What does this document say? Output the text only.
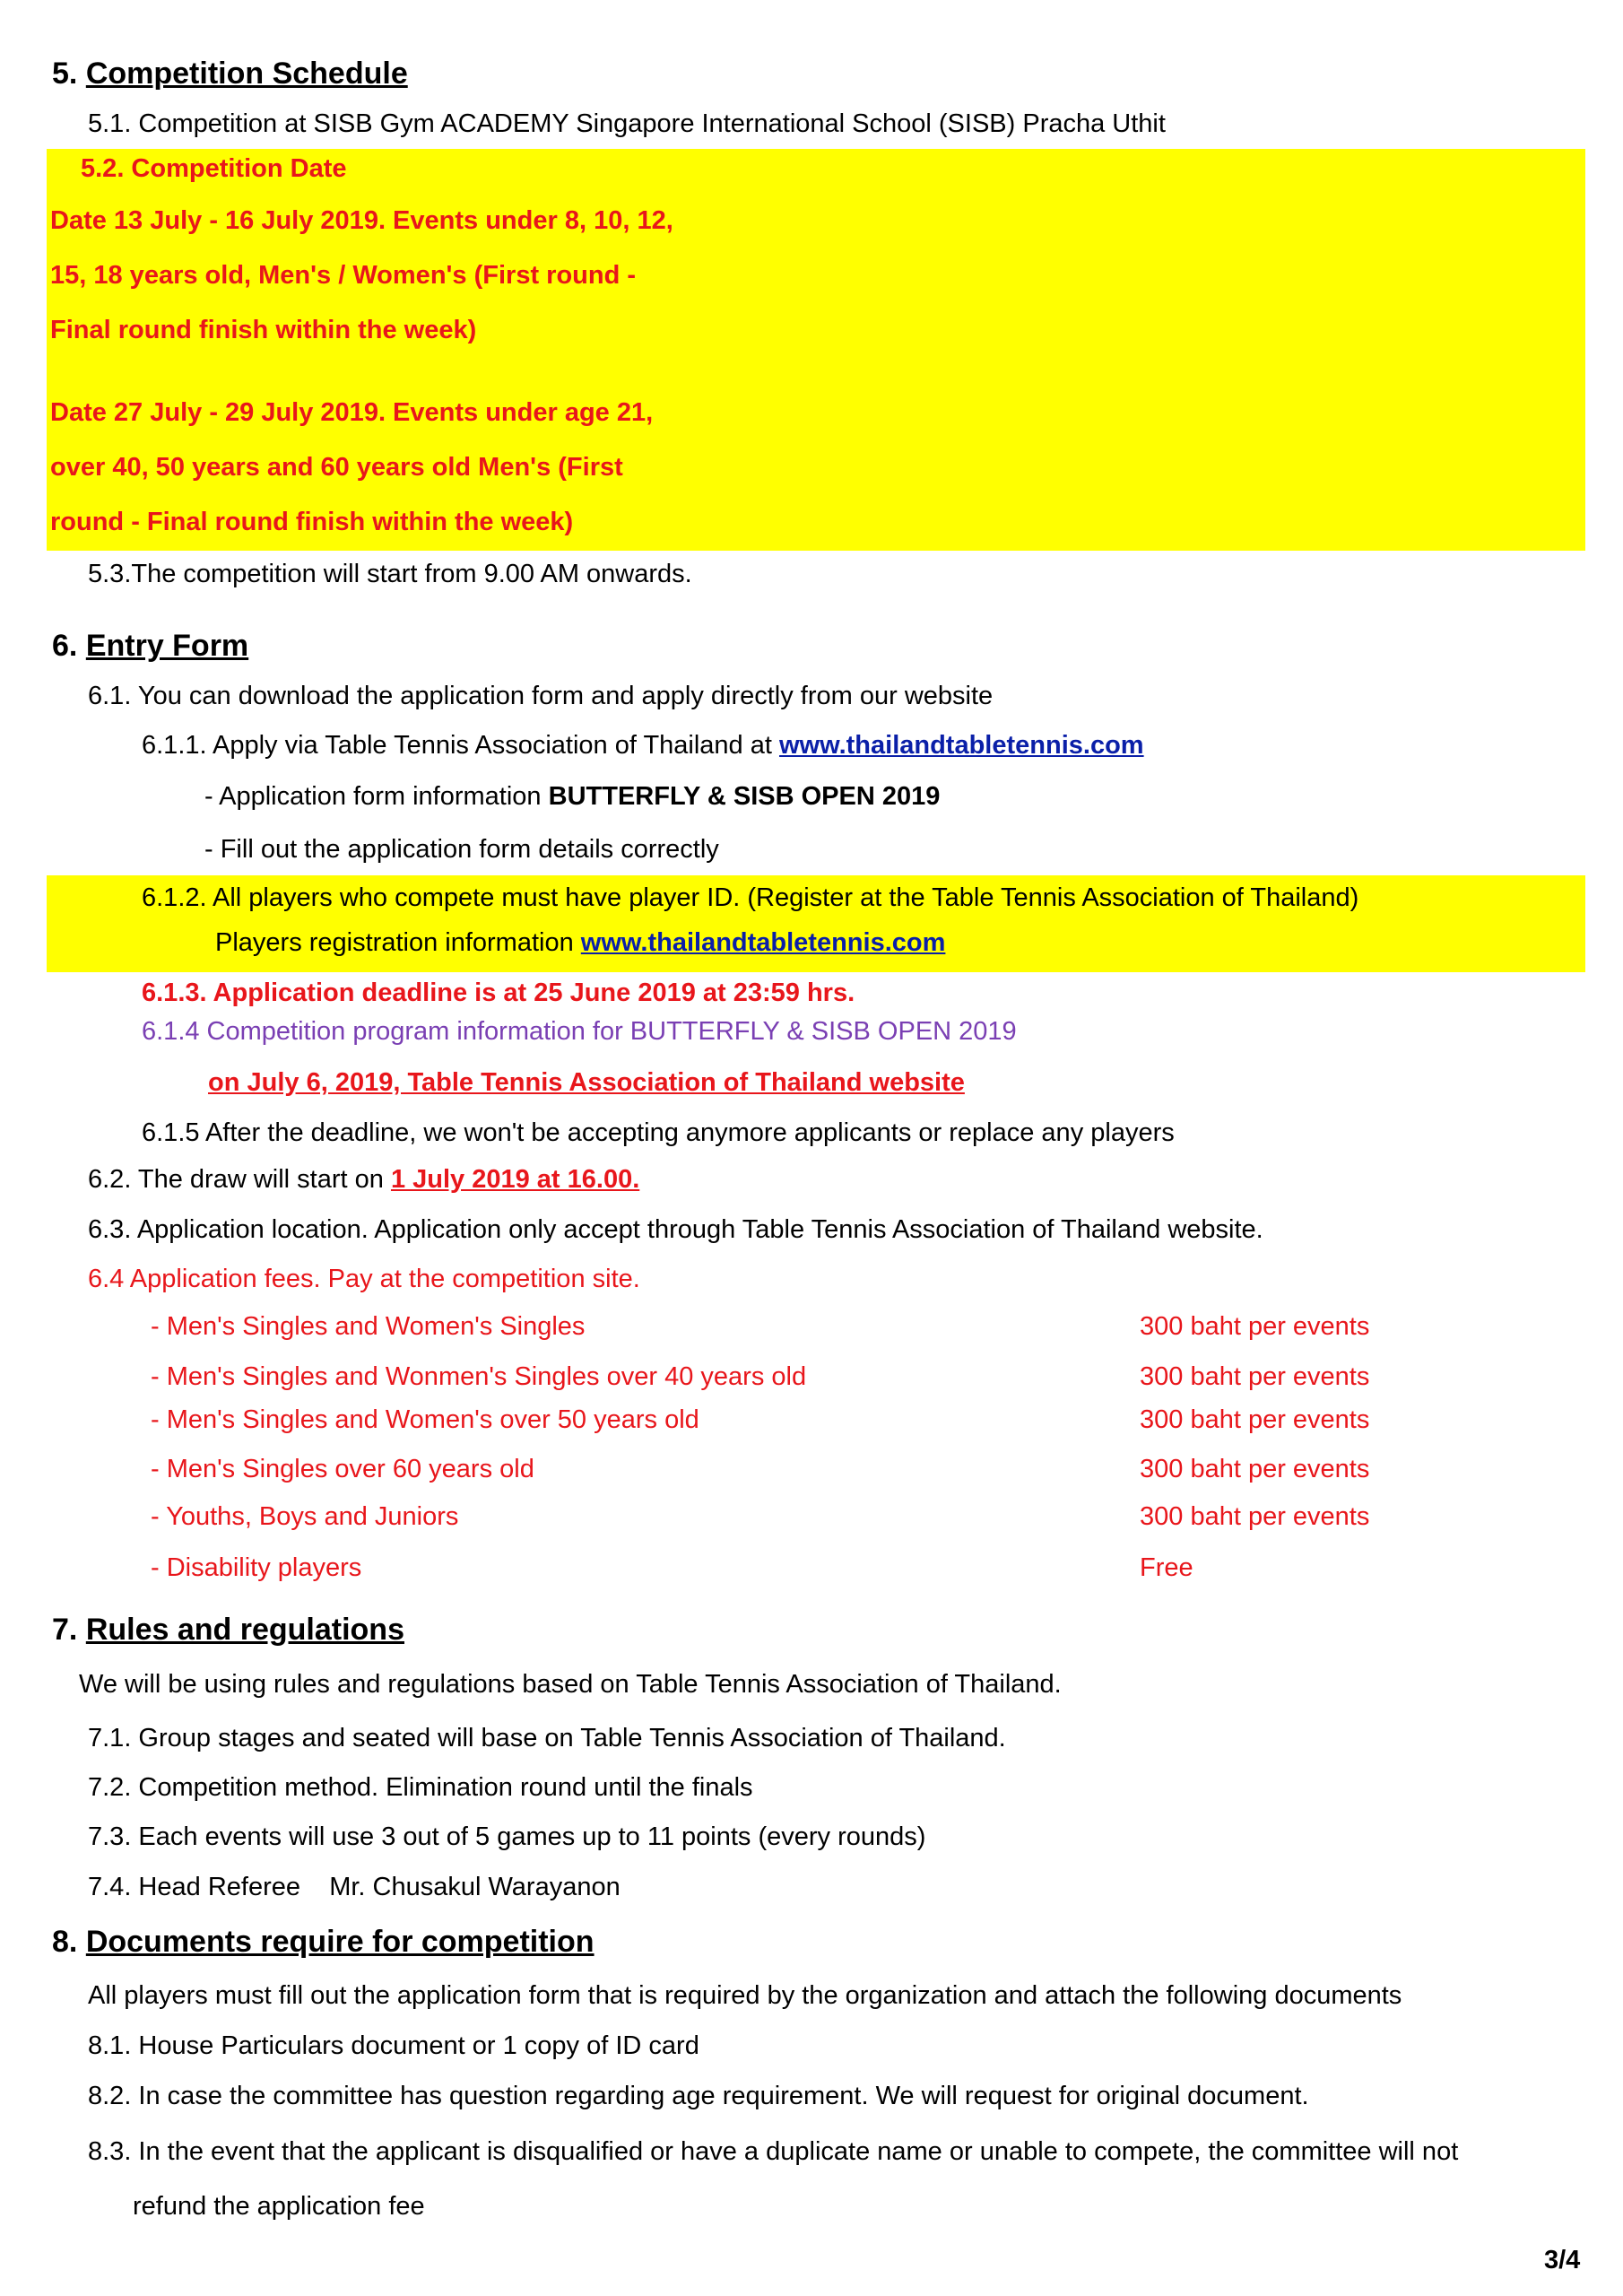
5. Competition Schedule
5.1. Competition at SISB Gym ACADEMY Singapore International School (SISB) Pracha Uthit
5.2. Competition Date
Date 13 July - 16 July 2019. Events under 8, 10, 12,
15, 18 years old, Men's / Women's (First round -
Final round finish within the week)
Date 27 July - 29 July 2019. Events under age 21,
over 40, 50 years and 60 years old Men's (First
round - Final round finish within the week)
5.3.The competition will start from 9.00 AM onwards.
6. Entry Form
6.1. You can download the application form and apply directly from our website
6.1.1. Apply via Table Tennis Association of Thailand at www.thailandtabletennis.com
- Application form information BUTTERFLY & SISB OPEN 2019
- Fill out the application form details correctly
6.1.2. All players who compete must have player ID. (Register at the Table Tennis Association of Thailand)
Players registration information www.thailandtabletennis.com
6.1.3. Application deadline is at 25 June 2019 at 23:59 hrs.
6.1.4 Competition program information for BUTTERFLY & SISB OPEN 2019
on July 6, 2019, Table Tennis Association of Thailand website
6.1.5 After the deadline, we won't be accepting anymore applicants or replace any players
6.2. The draw will start on 1 July 2019 at 16.00.
6.3. Application location. Application only accept through Table Tennis Association of Thailand website.
6.4 Application fees. Pay at the competition site.
- Men's Singles and Women's Singles	300 baht per events
- Men's Singles and Wonmen's Singles over 40 years old	300 baht per events
- Men's Singles and Women's over 50 years old	300 baht per events
- Men's Singles over 60 years old	300 baht per events
- Youths, Boys and Juniors	300 baht per events
- Disability players	Free
7. Rules and regulations
We will be using rules and regulations based on Table Tennis Association of Thailand.
7.1. Group stages and seated will base on Table Tennis Association of Thailand.
7.2. Competition method. Elimination round until the finals
7.3. Each events will use 3 out of 5 games up to 11 points (every rounds)
7.4. Head Referee    Mr. Chusakul Warayanon
8. Documents require for competition
All players must fill out the application form that is required by the organization and attach the following documents
8.1. House Particulars document or 1 copy of ID card
8.2. In case the committee has question regarding age requirement. We will request for original document.
8.3. In the event that the applicant is disqualified or have a duplicate name or unable to compete, the committee will not
refund the application fee
3/4
